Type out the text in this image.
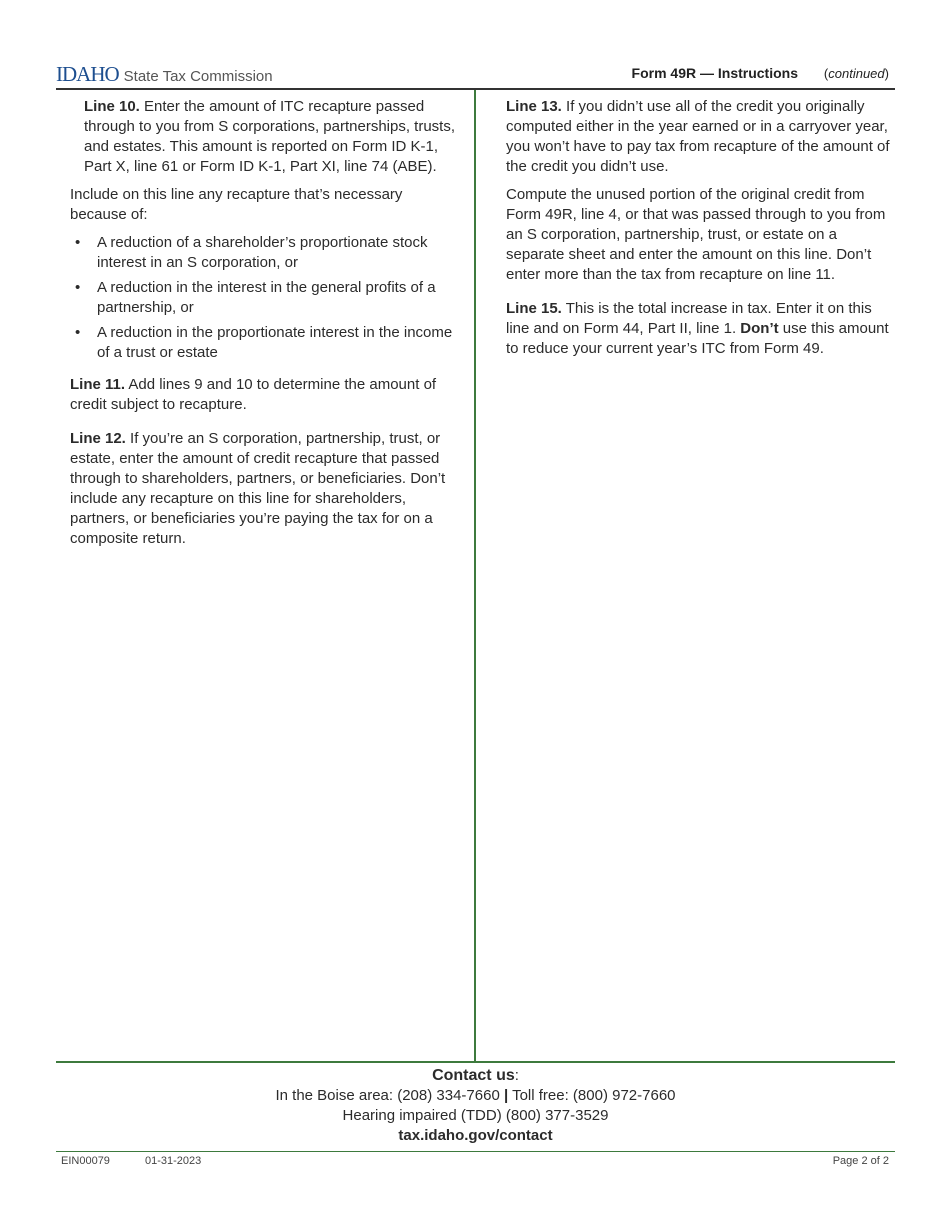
IDAHO State Tax Commission	Form 49R — Instructions (continued)

Line 10. Enter the amount of ITC recapture passed through to you from S corporations, partnerships, trusts, and estates. This amount is reported on Form ID K-1, Part X, line 61 or Form ID K-1, Part XI, line 74 (ABE).

Include on this line any recapture that’s necessary because of:

• A reduction of a shareholder’s proportionate stock interest in an S corporation, or
• A reduction in the interest in the general profits of a partnership, or
• A reduction in the proportionate interest in the income of a trust or estate

Line 11. Add lines 9 and 10 to determine the amount of credit subject to recapture.

Line 12. If you’re an S corporation, partnership, trust, or estate, enter the amount of credit recapture that passed through to shareholders, partners, or beneficiaries. Don’t include any recapture on this line for shareholders, partners, or beneficiaries you’re paying the tax for on a composite return.

Line 13. If you didn’t use all of the credit you originally computed either in the year earned or in a carryover year, you won’t have to pay tax from recapture of the amount of the credit you didn’t use.

Compute the unused portion of the original credit from Form 49R, line 4, or that was passed through to you from an S corporation, partnership, trust, or estate on a separate sheet and enter the amount on this line. Don’t enter more than the tax from recapture on line 11.

Line 15. This is the total increase in tax. Enter it on this line and on Form 44, Part II, line 1. Don’t use this amount to reduce your current year’s ITC from Form 49.

Contact us:
In the Boise area: (208) 334-7660 | Toll free: (800) 972-7660
Hearing impaired (TDD) (800) 377-3529
tax.idaho.gov/contact
EIN00079	01-31-2023	Page 2 of 2
